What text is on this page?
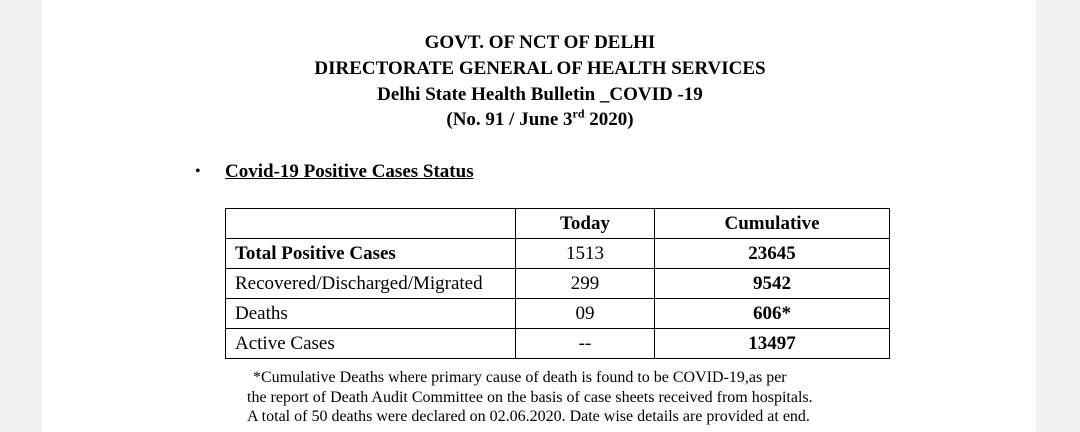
GOVT. OF NCT OF DELHI
DIRECTORATE GENERAL OF HEALTH SERVICES
Delhi State Health Bulletin _COVID -19
(No. 91 / June 3rd 2020)
• Covid-19 Positive Cases Status
	Today	Cumulative
Total Positive Cases	1513	23645
Recovered/Discharged/Migrated	299	9542
Deaths	09	606*
Active Cases	--	13497
*Cumulative Deaths where primary cause of death is found to be COVID-19,as per
the report of Death Audit Committee on the basis of case sheets received from hospitals.
A total of 50 deaths were declared on 02.06.2020. Date wise details are provided at end.
